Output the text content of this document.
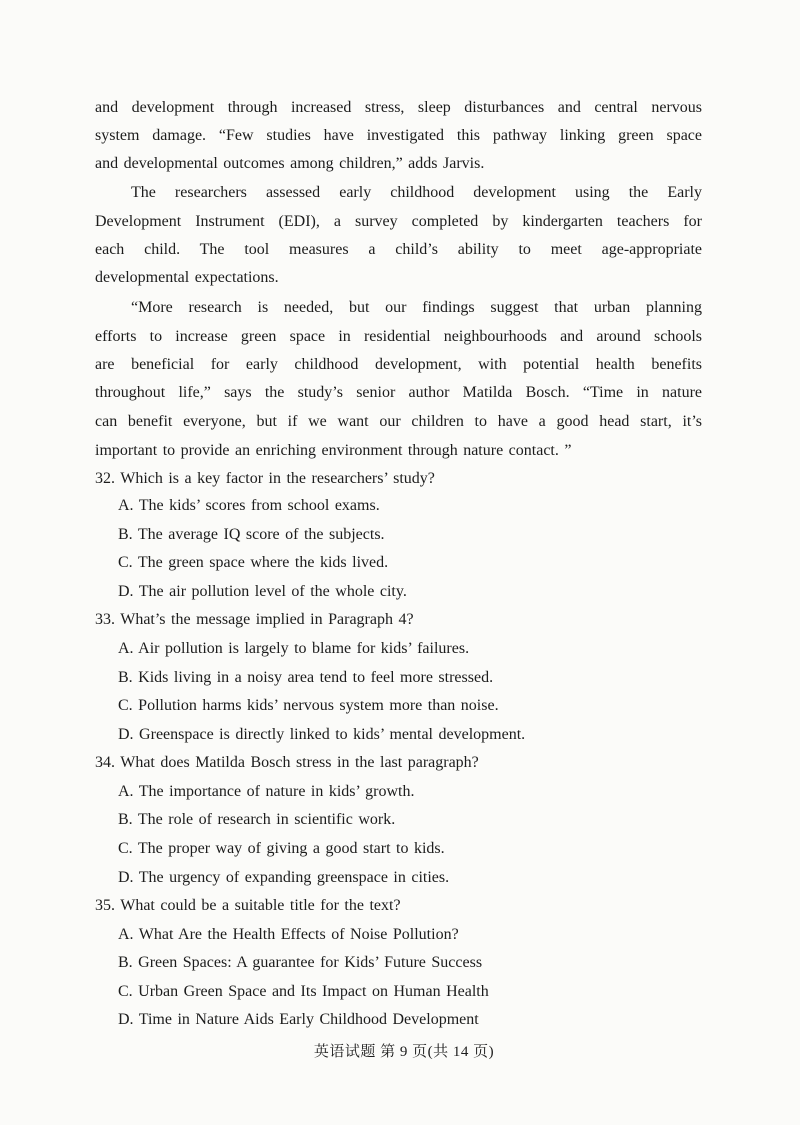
and development through increased stress, sleep disturbances and central nervous
system damage. “Few studies have investigated this pathway linking green space
and developmental outcomes among children,” adds Jarvis.
The researchers assessed early childhood development using the Early
Development Instrument (EDI), a survey completed by kindergarten teachers for
each child. The tool measures a child’s ability to meet age-appropriate
developmental expectations.
“More research is needed, but our findings suggest that urban planning
efforts to increase green space in residential neighbourhoods and around schools
are beneficial for early childhood development, with potential health benefits
throughout life,” says the study’s senior author Matilda Bosch. “Time in nature
can benefit everyone, but if we want our children to have a good head start, it’s
important to provide an enriching environment through nature contact. ”
32. Which is a key factor in the researchers’ study?
A. The kids’ scores from school exams.
B. The average IQ score of the subjects.
C. The green space where the kids lived.
D. The air pollution level of the whole city.
33. What’s the message implied in Paragraph 4?
A. Air pollution is largely to blame for kids’ failures.
B. Kids living in a noisy area tend to feel more stressed.
C. Pollution harms kids’ nervous system more than noise.
D. Greenspace is directly linked to kids’ mental development.
34. What does Matilda Bosch stress in the last paragraph?
A. The importance of nature in kids’ growth.
B. The role of research in scientific work.
C. The proper way of giving a good start to kids.
D. The urgency of expanding greenspace in cities.
35. What could be a suitable title for the text?
A. What Are the Health Effects of Noise Pollution?
B. Green Spaces: A guarantee for Kids’ Future Success
C. Urban Green Space and Its Impact on Human Health
D. Time in Nature Aids Early Childhood Development
英语试题 第 9 页(共 14 页)
